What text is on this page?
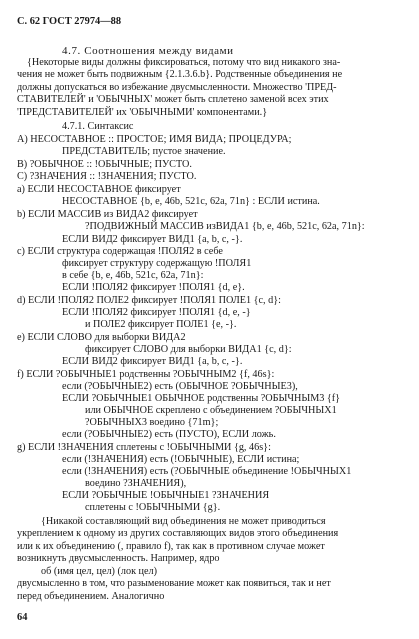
С. 62 ГОСТ 27974—88
4.7. Соотношения между видами
{Некоторые виды должны фиксироваться, потому что вид никакого зна-
чения не может быть подвижным {2.1.3.6.b}. Родственные объединения не
должны допускаться во избежание двусмысленности. Множество 'ПРЕД-
СТАВИТЕЛЕЙ' и 'ОБЫЧНЫХ' может быть сплетено заменой всех этих
'ПРЕДСТАВИТЕЛЕЙ' их 'ОБЫЧНЫМИ' компонентами.}
4.7.1. Синтаксис
А) НЕСОСТАВНОЕ :: ПРОСТОЕ; ИМЯ ВИДА; ПРОЦЕДУРА;
ПРЕДСТАВИТЕЛЬ; пустое значение.
В) ?ОБЫЧНОЕ :: !ОБЫЧНЫЕ; ПУСТО.
С) ?ЗНАЧЕНИЯ :: !ЗНАЧЕНИЯ; ПУСТО.
а) ЕСЛИ НЕСОСТАВНОЕ фиксирует
НЕСОСТАВНОЕ {b, е, 46b, 521c, 62а, 71n} : ЕСЛИ истина.
b) ЕСЛИ МАССИВ из ВИДА2 фиксирует
?ПОДВИЖНЫЙ МАССИВ изВИДА1 {b, е, 46b, 521c, 62а, 71n}:
ЕСЛИ ВИД2 фиксирует ВИД1 {а, b, с, -}.
с) ЕСЛИ структура содержащая !ПОЛЯ2 в себе
фиксирует структуру содержащую !ПОЛЯ1
в себе {b, е, 46b, 521c, 62а, 71n}:
ЕСЛИ !ПОЛЯ2 фиксирует !ПОЛЯ1 {d, е}.
d) ЕСЛИ !ПОЛЯ2 ПОЛЕ2 фиксирует !ПОЛЯ1 ПОЛЕ1 {с, d}:
ЕСЛИ !ПОЛЯ2 фиксирует !ПОЛЯ1 {d, е, -}
и ПОЛЕ2 фиксирует ПОЛЕ1 {е, -}.
е) ЕСЛИ СЛОВО для выборки ВИДА2
фиксирует СЛОВО для выборки ВИДА1 {с, d}:
ЕСЛИ ВИД2 фиксирует ВИД1 {а, b, с, -}.
f) ЕСЛИ ?ОБЫЧНЫЕ1 родственны ?ОБЫЧНЫМ2 {f, 46s}:
если (?ОБЫЧНЫЕ2) есть (ОБЫЧНОЕ ?ОБЫЧНЫЕ3),
ЕСЛИ ?ОБЫЧНЫЕ1 ОБЫЧНОЕ родственны ?ОБЫЧНЫМ3 {f}
или ОБЫЧНОЕ скреплено с объединением ?ОБЫЧНЫХ1
?ОБЫЧНЫХ3 воедино {71m};
если (?ОБЫЧНЫЕ2) есть (ПУСТО), ЕСЛИ ложь.
g) ЕСЛИ !ЗНАЧЕНИЯ сплетены с !ОБЫЧНЫМИ {g, 46s}:
если (!ЗНАЧЕНИЯ) есть (!ОБЫЧНЫЕ), ЕСЛИ истина;
если (!ЗНАЧЕНИЯ) есть (?ОБЫЧНЫЕ объединение !ОБЫЧНЫХ1
воедино ?ЗНАЧЕНИЯ),
ЕСЛИ ?ОБЫЧНЫЕ !ОБЫЧНЫЕ1 ?ЗНАЧЕНИЯ
сплетены с !ОБЫЧНЫМИ {g}.
{Никакой составляющий вид объединения не может приводиться
укреплением к одному из других составляющих видов этого объединения
или к их объединению (, правило f), так как в противном случае может
возникнуть двусмысленность. Например, ядро
об (имя цел, цел) (лок цел)
двусмысленно в том, что разыменование может как появиться, так и нет
перед объединением. Аналогично
64
